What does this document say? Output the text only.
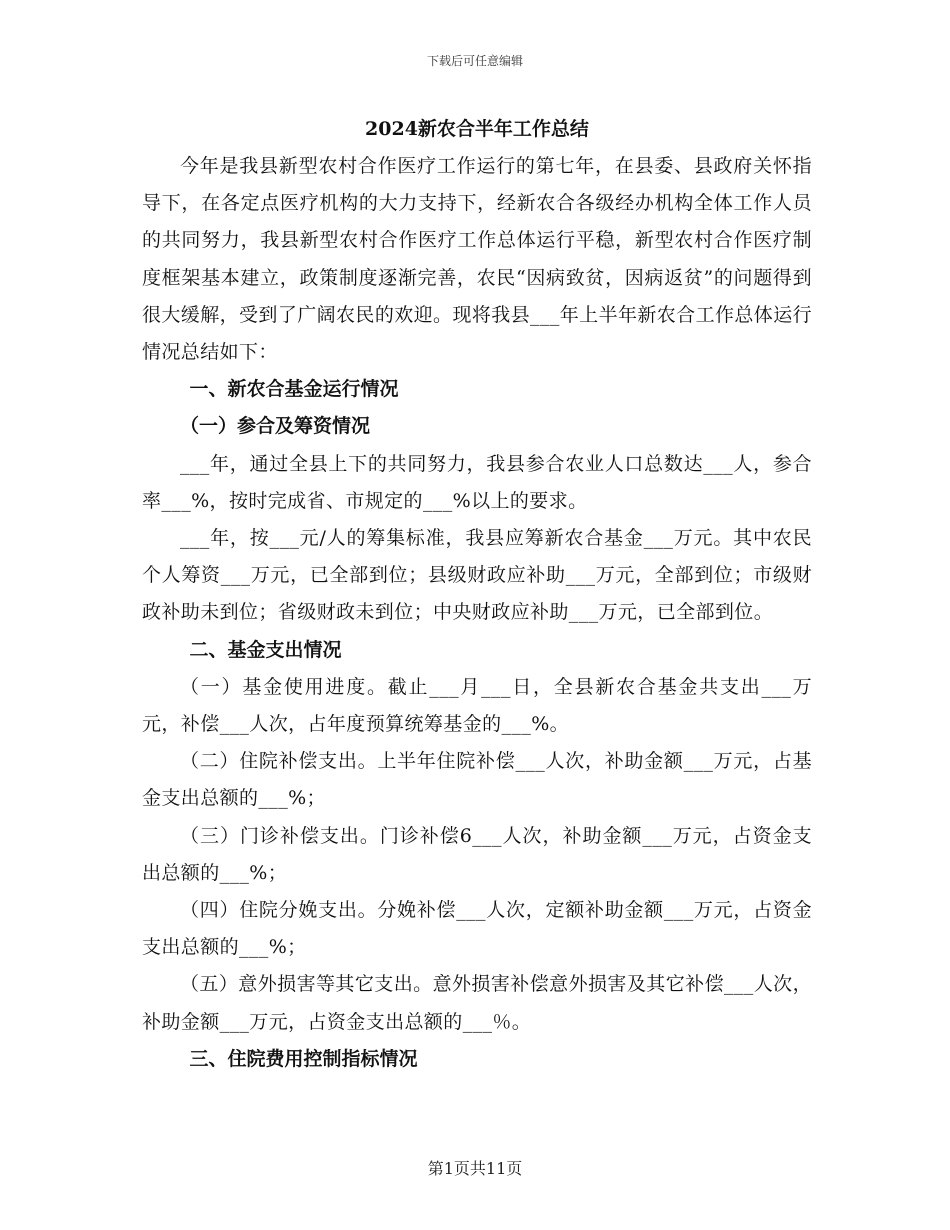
下载后可任意编辑
2024新农合半年工作总结

今年是我县新型农村合作医疗工作运行的第七年，在县委、县政府关怀指导下，在各定点医疗机构的大力支持下，经新农合各级经办机构全体工作人员的共同努力，我县新型农村合作医疗工作总体运行平稳，新型农村合作医疗制度框架基本建立，政策制度逐渐完善，农民“因病致贫，因病返贫”的问题得到很大缓解，受到了广阔农民的欢迎。现将我县___年上半年新农合工作总体运行情况总结如下：

一、新农合基金运行情况

（一）参合及筹资情况

___年，通过全县上下的共同努力，我县参合农业人口总数达___人，参合率___%，按时完成省、市规定的___%以上的要求。

___年，按___元/人的筹集标准，我县应筹新农合基金___万元。其中农民个人筹资___万元，已全部到位；县级财政应补助___万元，全部到位；市级财政补助未到位；省级财政未到位；中央财政应补助___万元，已全部到位。

二、基金支出情况

（一）基金使用进度。截止___月___日，全县新农合基金共支出___万元，补偿___人次，占年度预算统筹基金的___%。

（二）住院补偿支出。上半年住院补偿___人次，补助金额___万元，占基金支出总额的___%；

（三）门诊补偿支出。门诊补偿6___人次，补助金额___万元，占资金支出总额的___%；

（四）住院分娩支出。分娩补偿___人次，定额补助金额___万元，占资金支出总额的___%；

（五）意外损害等其它支出。意外损害补偿意外损害及其它补偿___人次，补助金额___万元，占资金支出总额的___％。

三、住院费用控制指标情况

第1页共11页
